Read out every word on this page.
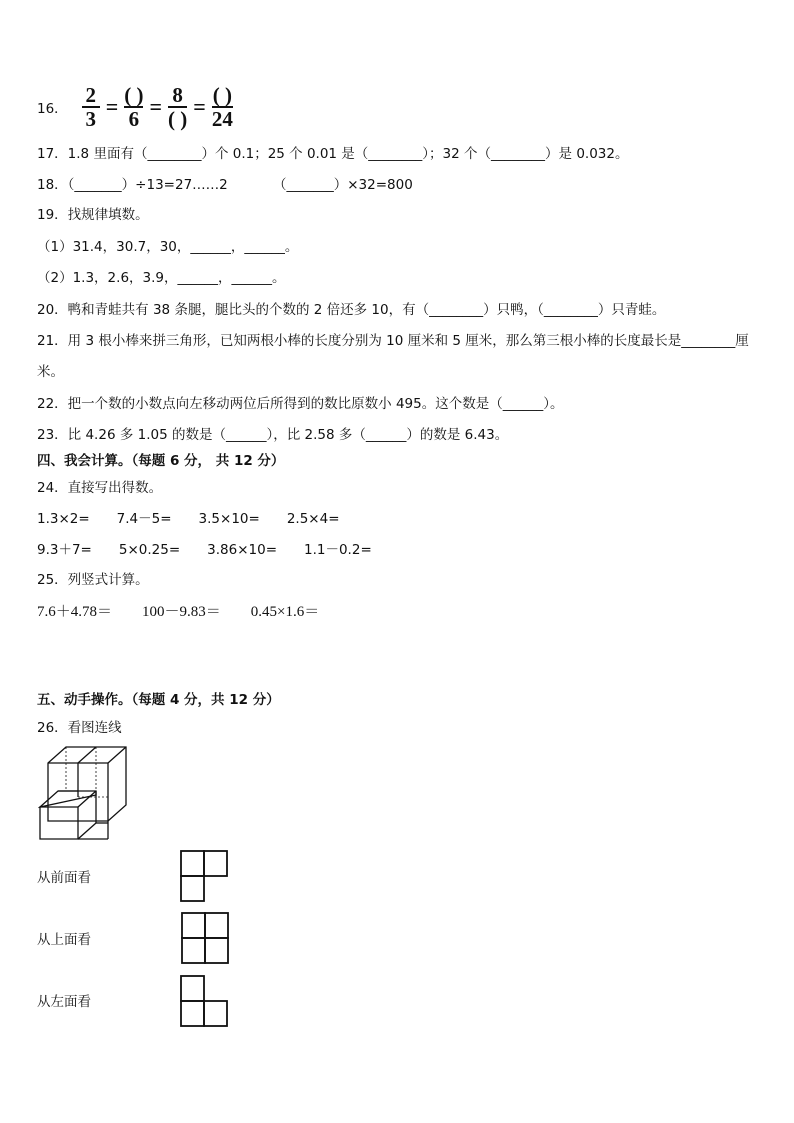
16． $\frac{2}{3} = \frac{( )}{6} = \frac{8}{( )} = \frac{( )}{24}$
17．1.8 里面有（________）个 0.1；25 个 0.01 是（________）；32 个（________）是 0.032。
18．（_______）÷13=27……2	（_______）×32=800
19．找规律填数。
（1）31.4，30.7，30，______，______。
（2）1.3，2.6，3.9，______，______。
20．鸭和青蛙共有 38 条腿，腿比头的个数的 2 倍还多 10，有（________）只鸭，（________）只青蛙。
21．用 3 根小棒来拼三角形，已知两根小棒的长度分别为 10 厘米和 5 厘米，那么第三根小棒的长度最长是________厘
米。
22．把一个数的小数点向左移动两位后所得到的数比原数小 495。这个数是（______）。
23．比 4.26 多 1.05 的数是（______），比 2.58 多（______）的数是 6.43。
四、我会计算。（每题 6 分， 共 12 分）
24．直接写出得数。
1.3×2=　　7.4－5=　　3.5×10=　　2.5×4=
9.3＋7=　　5×0.25=　　3.86×10=　　1.1－0.2=
25．列竖式计算。
7.6＋4.78＝　　100－9.83＝　　0.45×1.6＝
五、动手操作。（每题 4 分，共 12 分）
26．看图连线
从前面看
从上面看
从左面看
